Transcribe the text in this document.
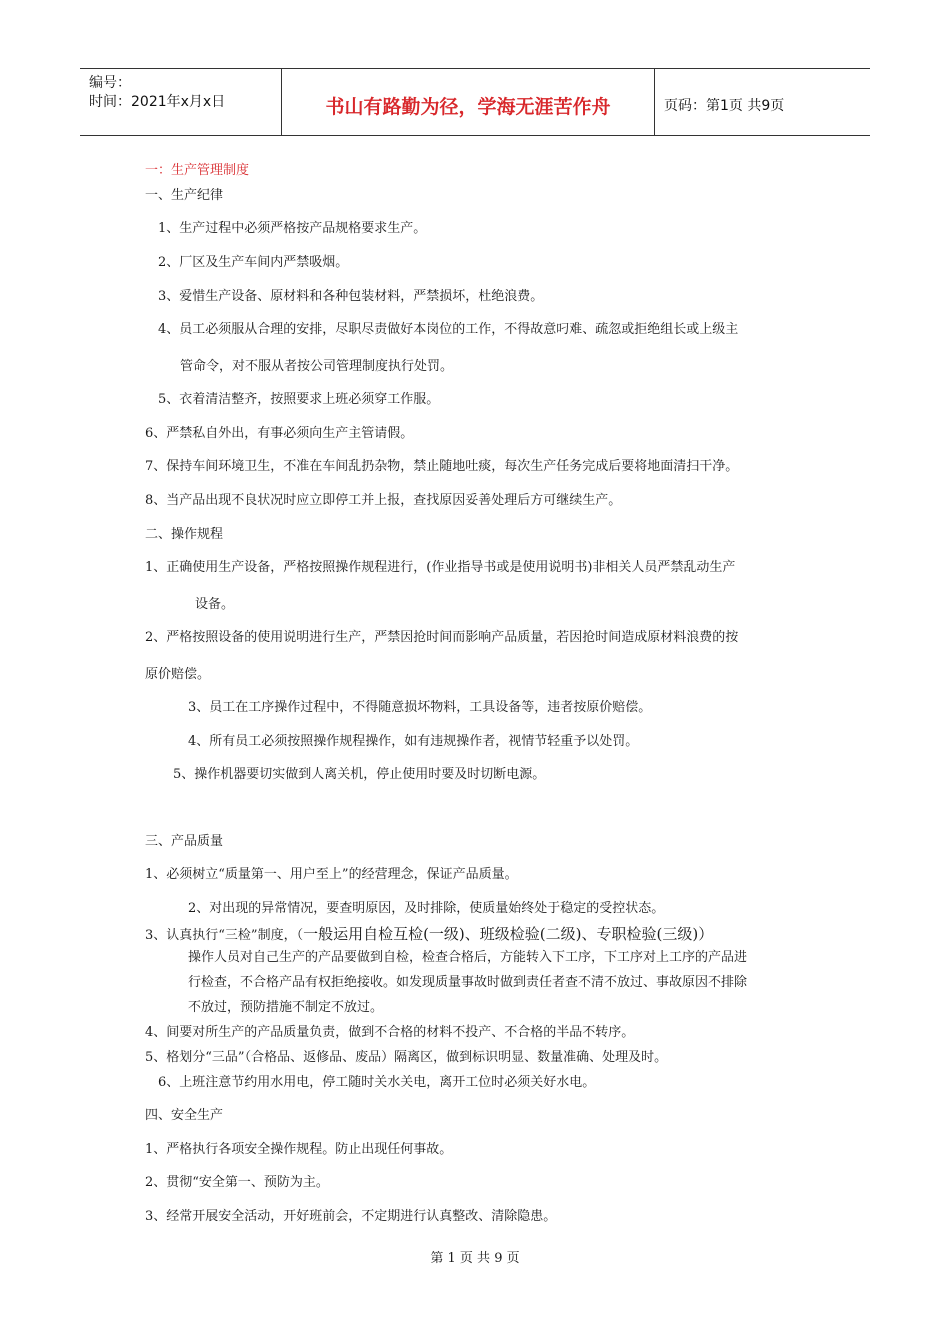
编号：
时间：2021年x月x日	书山有路勤为径，学海无涯苦作舟	页码：第1页 共9页
一：生产管理制度
一、生产纪律
1、生产过程中必须严格按产品规格要求生产。
2、厂区及生产车间内严禁吸烟。
3、爱惜生产设备、原材料和各种包装材料，严禁损坏，杜绝浪费。
4、员工必须服从合理的安排，尽职尽责做好本岗位的工作，不得故意叼难、疏忽或拒绝组长或上级主
管命令，对不服从者按公司管理制度执行处罚。
5、衣着清洁整齐，按照要求上班必须穿工作服。
6、严禁私自外出，有事必须向生产主管请假。
7、保持车间环境卫生，不准在车间乱扔杂物，禁止随地吐痰，每次生产任务完成后要将地面清扫干净。
8、当产品出现不良状况时应立即停工并上报，查找原因妥善处理后方可继续生产。
二、操作规程
1、正确使用生产设备，严格按照操作规程进行，(作业指导书或是使用说明书)非相关人员严禁乱动生产
设备。
2、严格按照设备的使用说明进行生产，严禁因抢时间而影响产品质量，若因抢时间造成原材料浪费的按
原价赔偿。
3、员工在工序操作过程中，不得随意损坏物料，工具设备等，违者按原价赔偿。
4、所有员工必须按照操作规程操作，如有违规操作者，视情节轻重予以处罚。
5、操作机器要切实做到人离关机，停止使用时要及时切断电源。
三、产品质量
1、必须树立“质量第一、用户至上”的经营理念，保证产品质量。
2、对出现的异常情况，要查明原因，及时排除，使质量始终处于稳定的受控状态。
3、认真执行“三检”制度，（一般运用自检互检(一级)、班级检验(二级)、专职检验(三级)）
操作人员对自己生产的产品要做到自检，检查合格后，方能转入下工序，下工序对上工序的产品进
行检查，不合格产品有权拒绝接收。如发现质量事故时做到责任者查不清不放过、事故原因不排除
不放过，预防措施不制定不放过。
4、间要对所生产的产品质量负责，做到不合格的材料不投产、不合格的半品不转序。
5、格划分“三品”（合格品、返修品、废品）隔离区，做到标识明显、数量准确、处理及时。
6、上班注意节约用水用电，停工随时关水关电，离开工位时必须关好水电。
四、安全生产
1、严格执行各项安全操作规程。防止出现任何事故。
2、贯彻“安全第一、预防为主。
3、经常开展安全活动，开好班前会，不定期进行认真整改、清除隐患。
第 1 页 共 9 页
